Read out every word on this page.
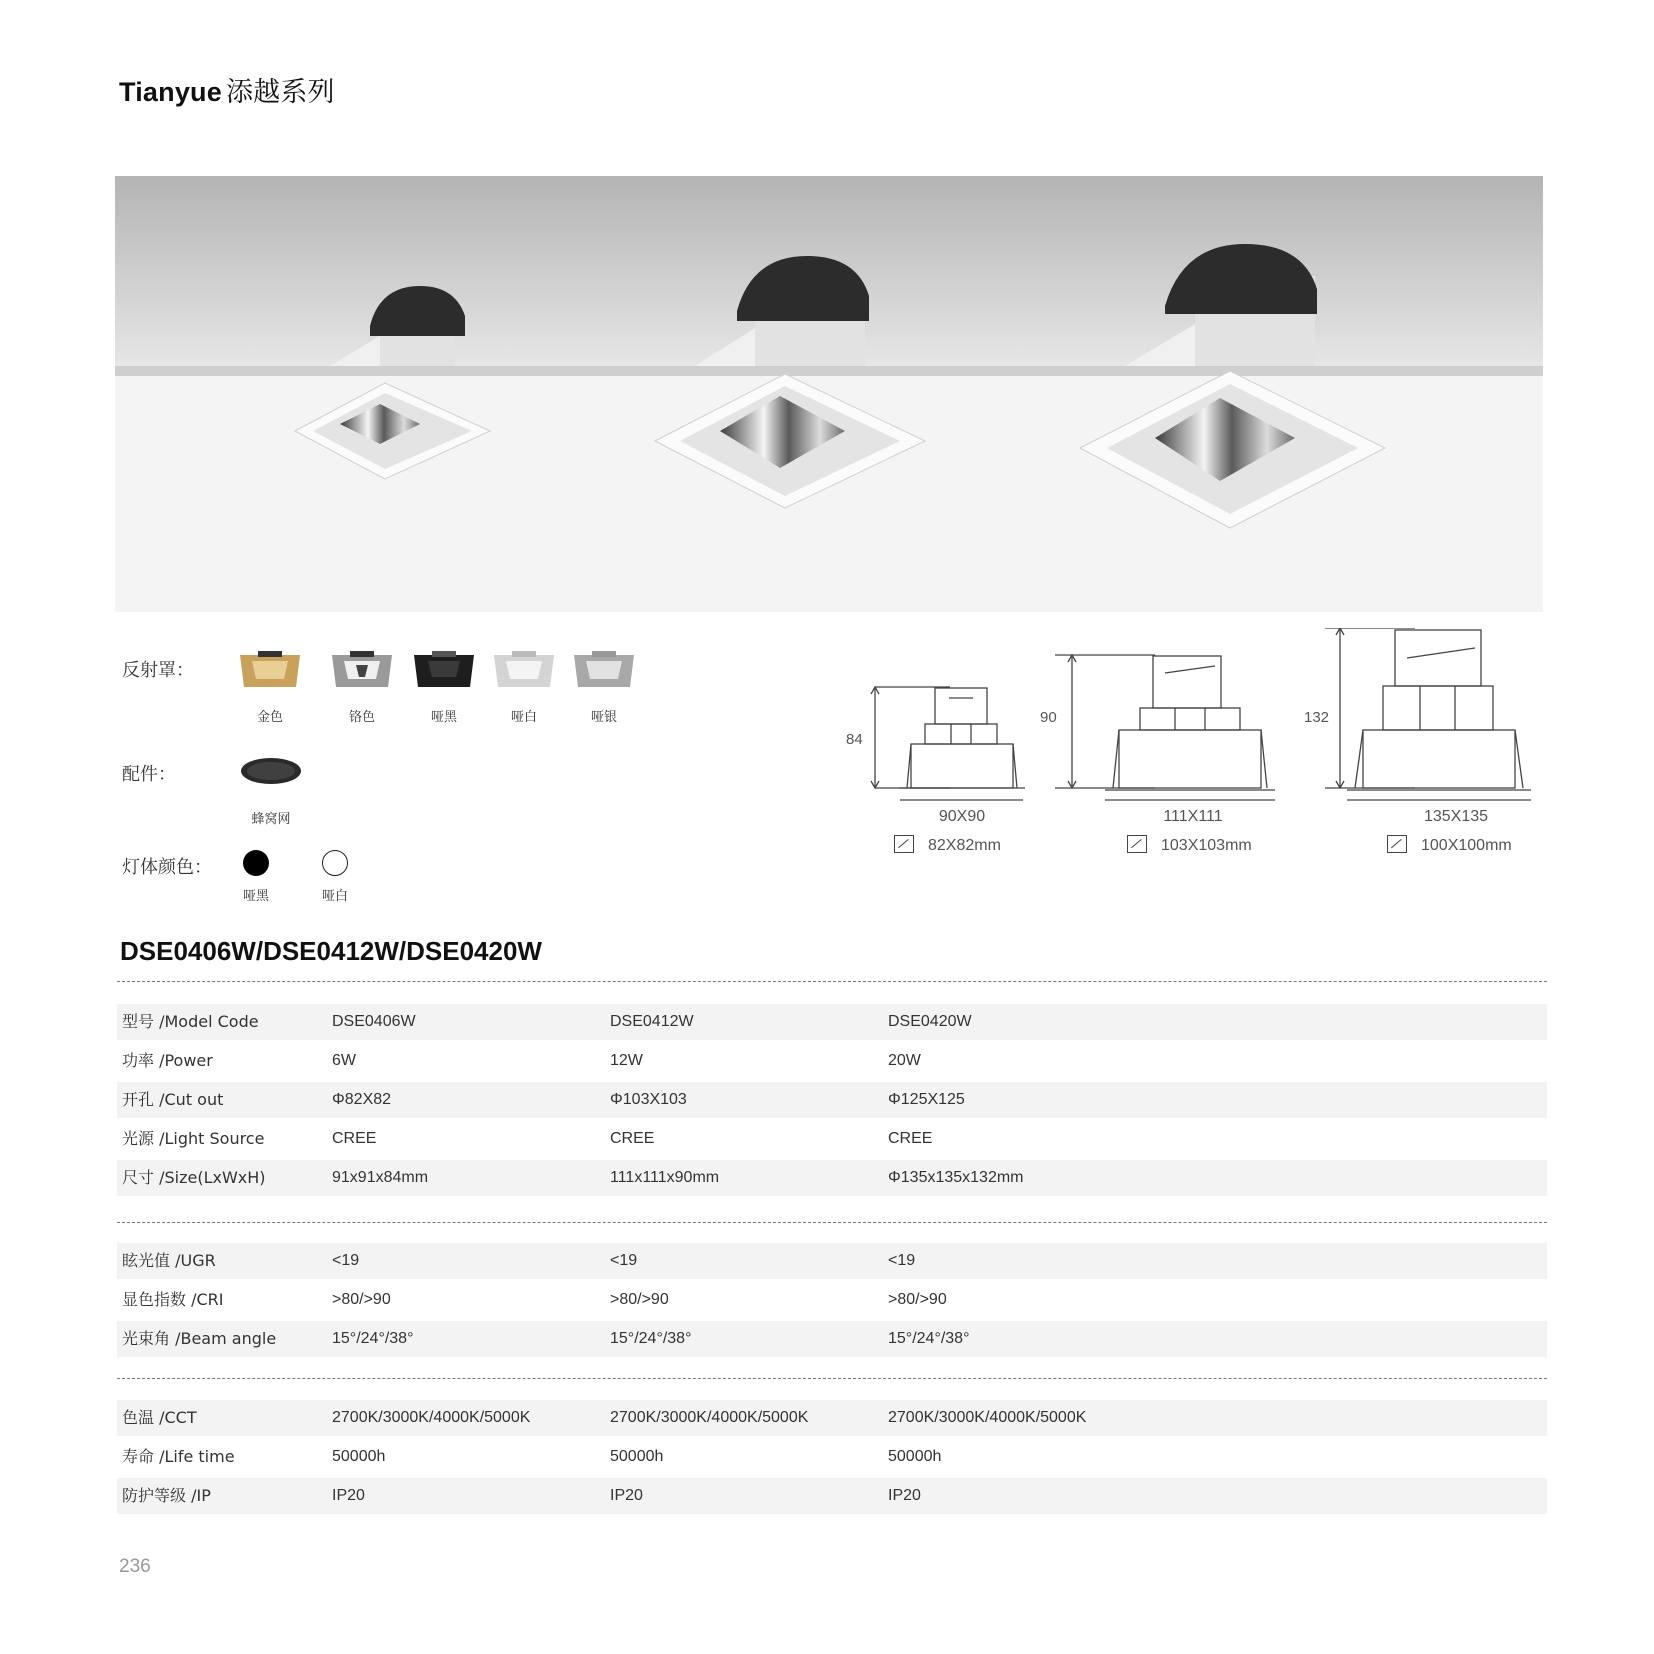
Tianyue 添越系列
反射罩：
金色	铬色	哑黑	哑白	哑银
配件：
蜂窝网
灯体颜色：
哑黑	哑白
84
90	132
90X90	111X111	135X135
82X82mm	103X103mm	100X100mm
DSE0406W/DSE0412W/DSE0420W
型号 /Model Code	DSE0406W	DSE0412W	DSE0420W
功率 /Power	6W	12W	20W
开孔 /Cut out	Φ82X82	Φ103X103	Φ125X125
光源 /Light Source	CREE	CREE	CREE
尺寸 /Size(LxWxH)	91x91x84mm	111x111x90mm	Φ135x135x132mm
眩光值 /UGR	<19	<19	<19
显色指数 /CRI	>80/>90	>80/>90	>80/>90
光束角 /Beam angle	15°/24°/38°	15°/24°/38°	15°/24°/38°
色温 /CCT	2700K/3000K/4000K/5000K	2700K/3000K/4000K/5000K	2700K/3000K/4000K/5000K
寿命 /Life time	50000h	50000h	50000h
防护等级 /IP	IP20	IP20	IP20
236
